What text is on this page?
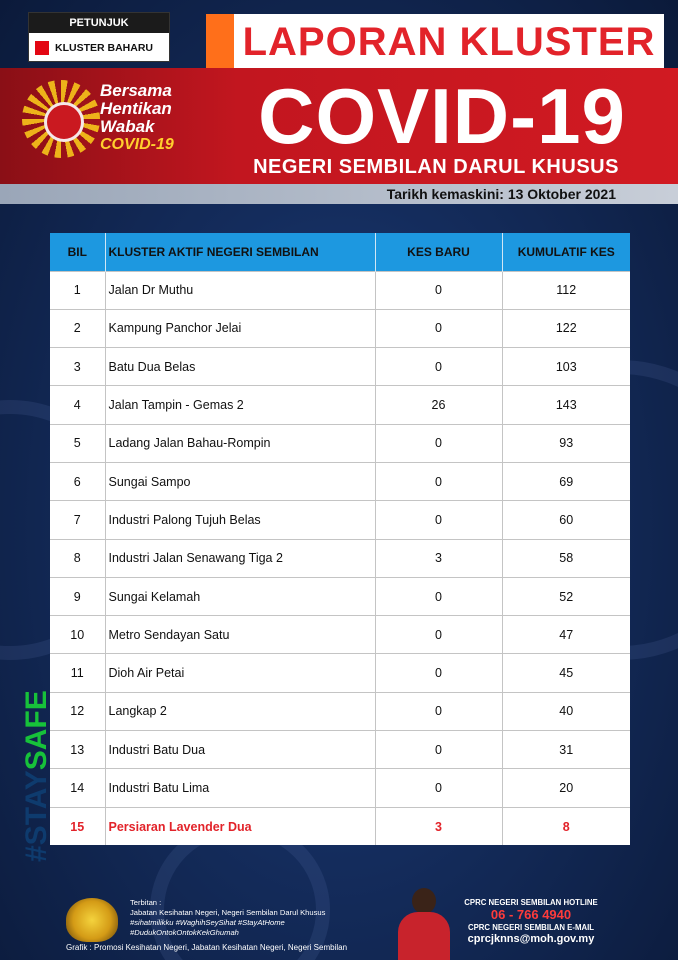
PETUNJUK
KLUSTER BAHARU LAPORAN KLUSTER
Bersama
Hentikan
Wabak
COVID-19	COVID-19
NEGERI SEMBILAN DARUL KHUSUS
Tarikh kemaskini: 13 Oktober 2021
BIL	KLUSTER AKTIF NEGERI SEMBILAN	KES BARU	KUMULATIF KES
1	Jalan Dr Muthu	0	112
2	Kampung Panchor Jelai	0	122
3	Batu Dua Belas	0	103
4	Jalan Tampin - Gemas 2	26	143
5	Ladang Jalan Bahau-Rompin	0	93
6	Sungai Sampo	0	69
7	Industri Palong Tujuh Belas	0	60
8	Industri Jalan Senawang Tiga 2	3	58
9	Sungai Kelamah	0	52
10	Metro Sendayan Satu	0	47
11	Dioh Air Petai	0	45
12	Langkap 2	0	40
13	Industri Batu Dua	0	31
14	Industri Batu Lima	0	20
15	Persiaran Lavender Dua	3	8
#STAYSAFE
Terbitan :
Jabatan Kesihatan Negeri, Negeri Sembilan Darul Khusus
#sihatmilikku #WaghihSeySihat #StayAtHome
#DudukOntokOntokKekGhumah
Grafik : Promosi Kesihatan Negeri, Jabatan Kesihatan Negeri, Negeri Sembilan
CPRC NEGERI SEMBILAN HOTLINE
06 - 766 4940
CPRC NEGERI SEMBILAN E-MAIL
cprcjknns@moh.gov.my
